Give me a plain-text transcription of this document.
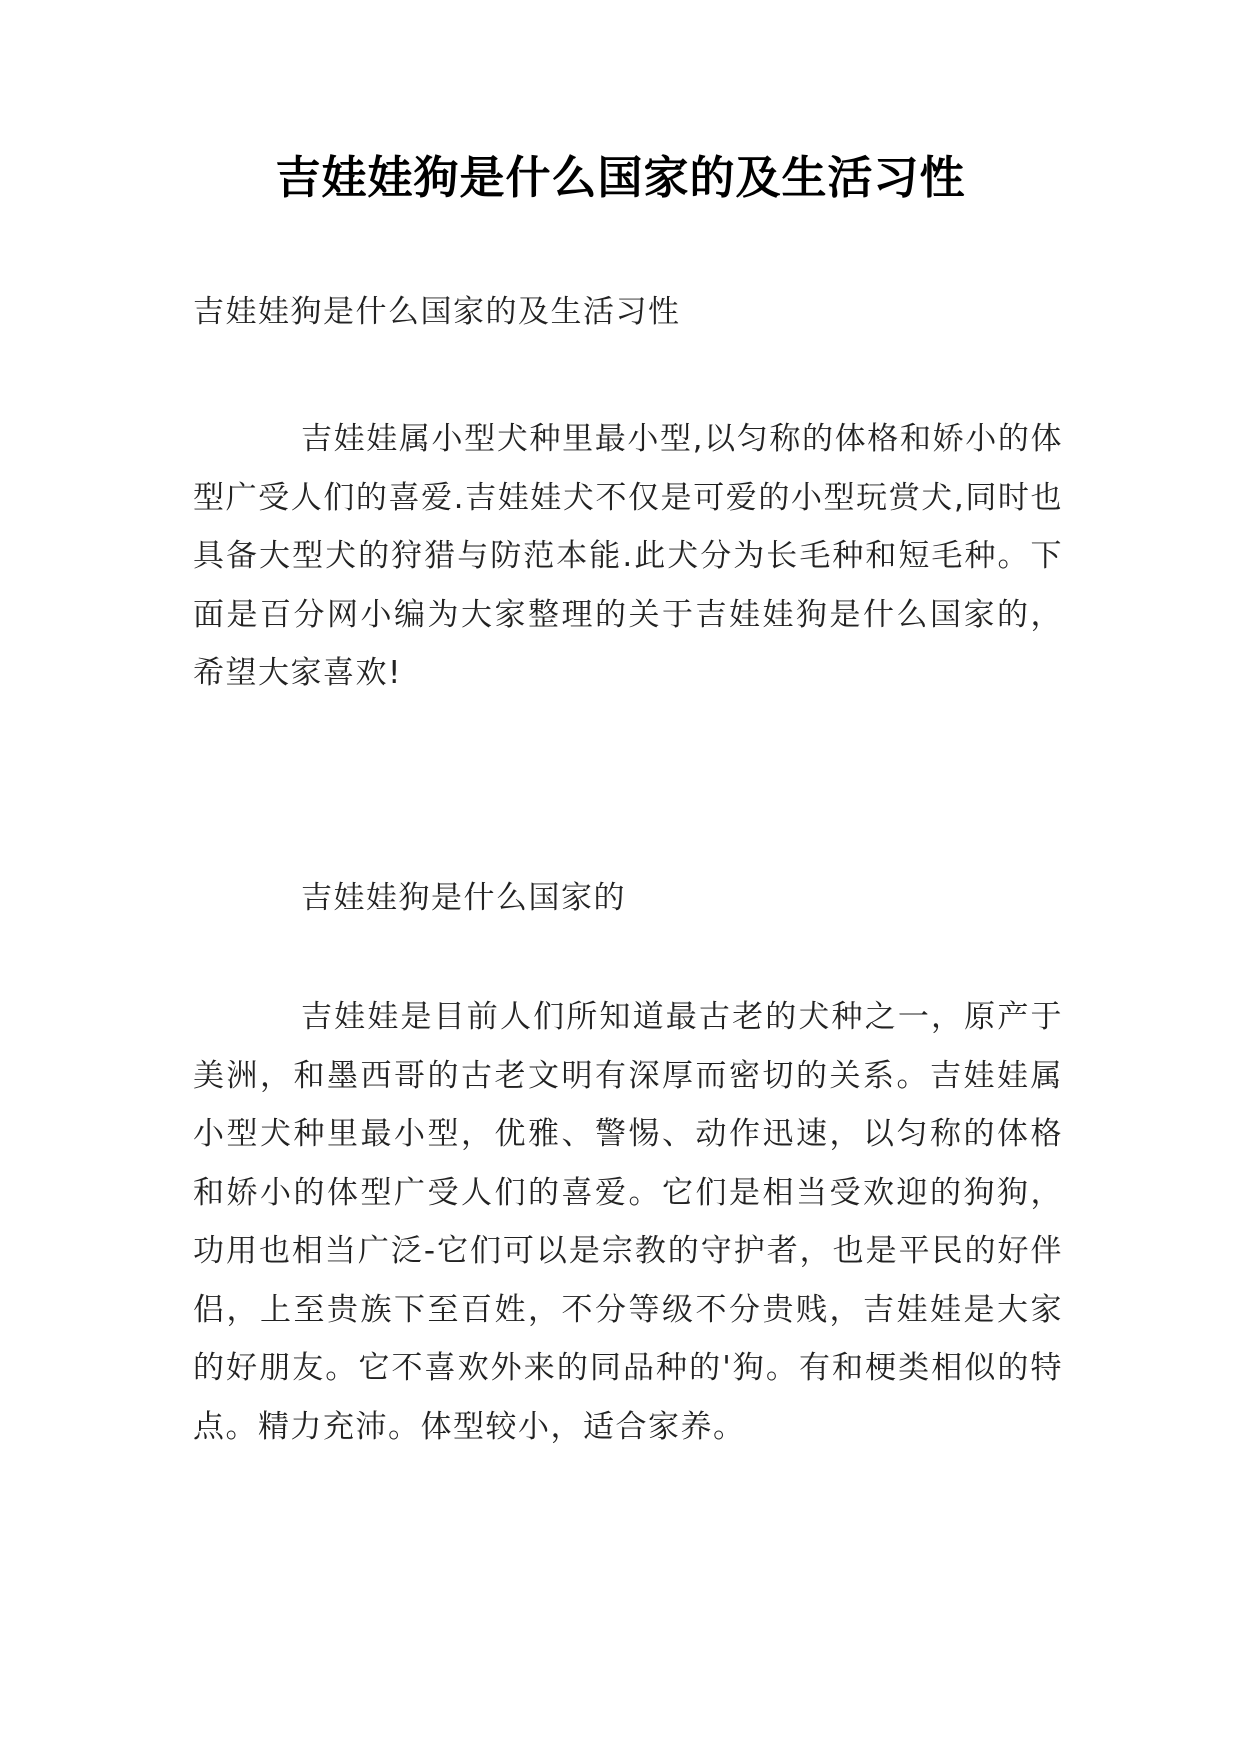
吉娃娃狗是什么国家的及生活习性
吉娃娃狗是什么国家的及生活习性
吉娃娃属小型犬种里最小型,以匀称的体格和娇小的体型广受人们的喜爱.吉娃娃犬不仅是可爱的小型玩赏犬,同时也具备大型犬的狩猎与防范本能.此犬分为长毛种和短毛种。下面是百分网小编为大家整理的关于吉娃娃狗是什么国家的，希望大家喜欢!
吉娃娃狗是什么国家的
吉娃娃是目前人们所知道最古老的犬种之一，原产于美洲，和墨西哥的古老文明有深厚而密切的关系。吉娃娃属小型犬种里最小型，优雅、警惕、动作迅速，以匀称的体格和娇小的体型广受人们的喜爱。它们是相当受欢迎的狗狗，功用也相当广泛-它们可以是宗教的守护者，也是平民的好伴侣，上至贵族下至百姓，不分等级不分贵贱，吉娃娃是大家的好朋友。它不喜欢外来的同品种的'狗。有和梗类相似的特点。精力充沛。体型较小，适合家养。
